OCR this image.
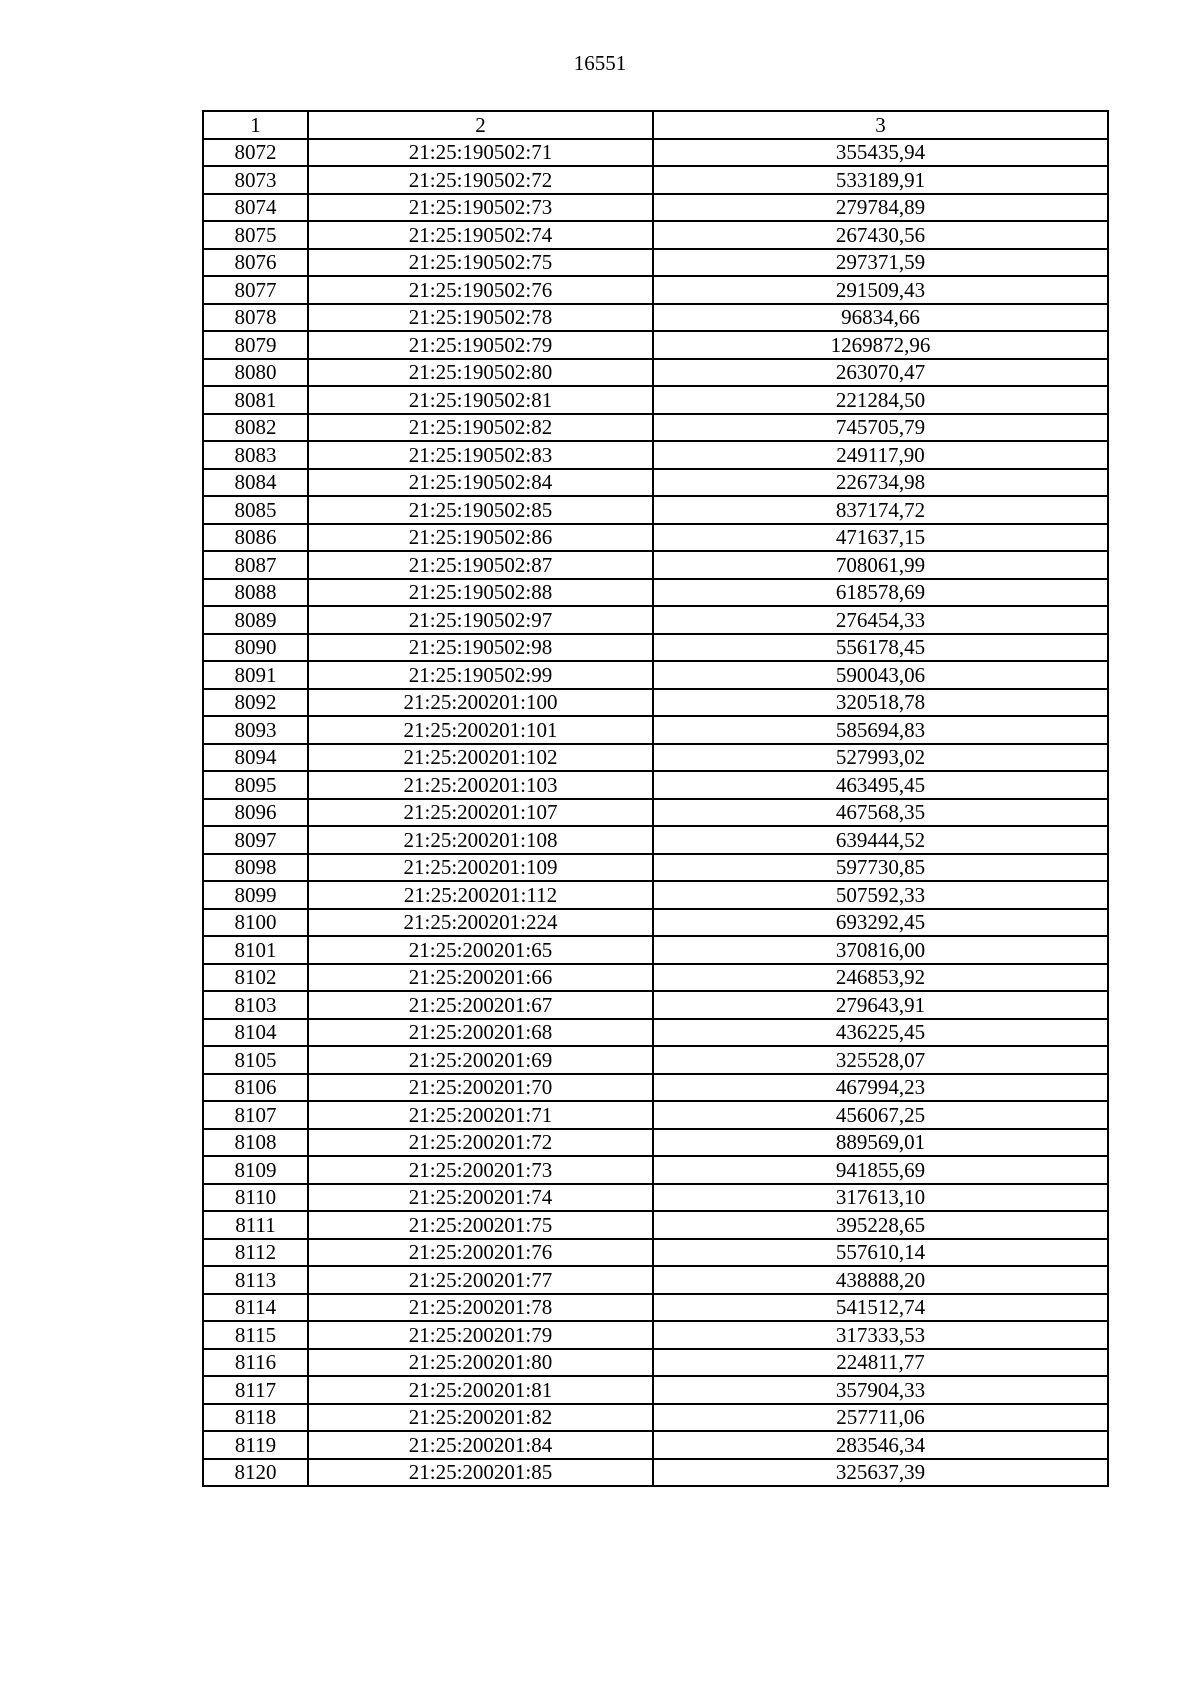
16551
1	2	3
8072	21:25:190502:71	355435,94
8073	21:25:190502:72	533189,91
8074	21:25:190502:73	279784,89
8075	21:25:190502:74	267430,56
8076	21:25:190502:75	297371,59
8077	21:25:190502:76	291509,43
8078	21:25:190502:78	96834,66
8079	21:25:190502:79	1269872,96
8080	21:25:190502:80	263070,47
8081	21:25:190502:81	221284,50
8082	21:25:190502:82	745705,79
8083	21:25:190502:83	249117,90
8084	21:25:190502:84	226734,98
8085	21:25:190502:85	837174,72
8086	21:25:190502:86	471637,15
8087	21:25:190502:87	708061,99
8088	21:25:190502:88	618578,69
8089	21:25:190502:97	276454,33
8090	21:25:190502:98	556178,45
8091	21:25:190502:99	590043,06
8092	21:25:200201:100	320518,78
8093	21:25:200201:101	585694,83
8094	21:25:200201:102	527993,02
8095	21:25:200201:103	463495,45
8096	21:25:200201:107	467568,35
8097	21:25:200201:108	639444,52
8098	21:25:200201:109	597730,85
8099	21:25:200201:112	507592,33
8100	21:25:200201:224	693292,45
8101	21:25:200201:65	370816,00
8102	21:25:200201:66	246853,92
8103	21:25:200201:67	279643,91
8104	21:25:200201:68	436225,45
8105	21:25:200201:69	325528,07
8106	21:25:200201:70	467994,23
8107	21:25:200201:71	456067,25
8108	21:25:200201:72	889569,01
8109	21:25:200201:73	941855,69
8110	21:25:200201:74	317613,10
8111	21:25:200201:75	395228,65
8112	21:25:200201:76	557610,14
8113	21:25:200201:77	438888,20
8114	21:25:200201:78	541512,74
8115	21:25:200201:79	317333,53
8116	21:25:200201:80	224811,77
8117	21:25:200201:81	357904,33
8118	21:25:200201:82	257711,06
8119	21:25:200201:84	283546,34
8120	21:25:200201:85	325637,39
